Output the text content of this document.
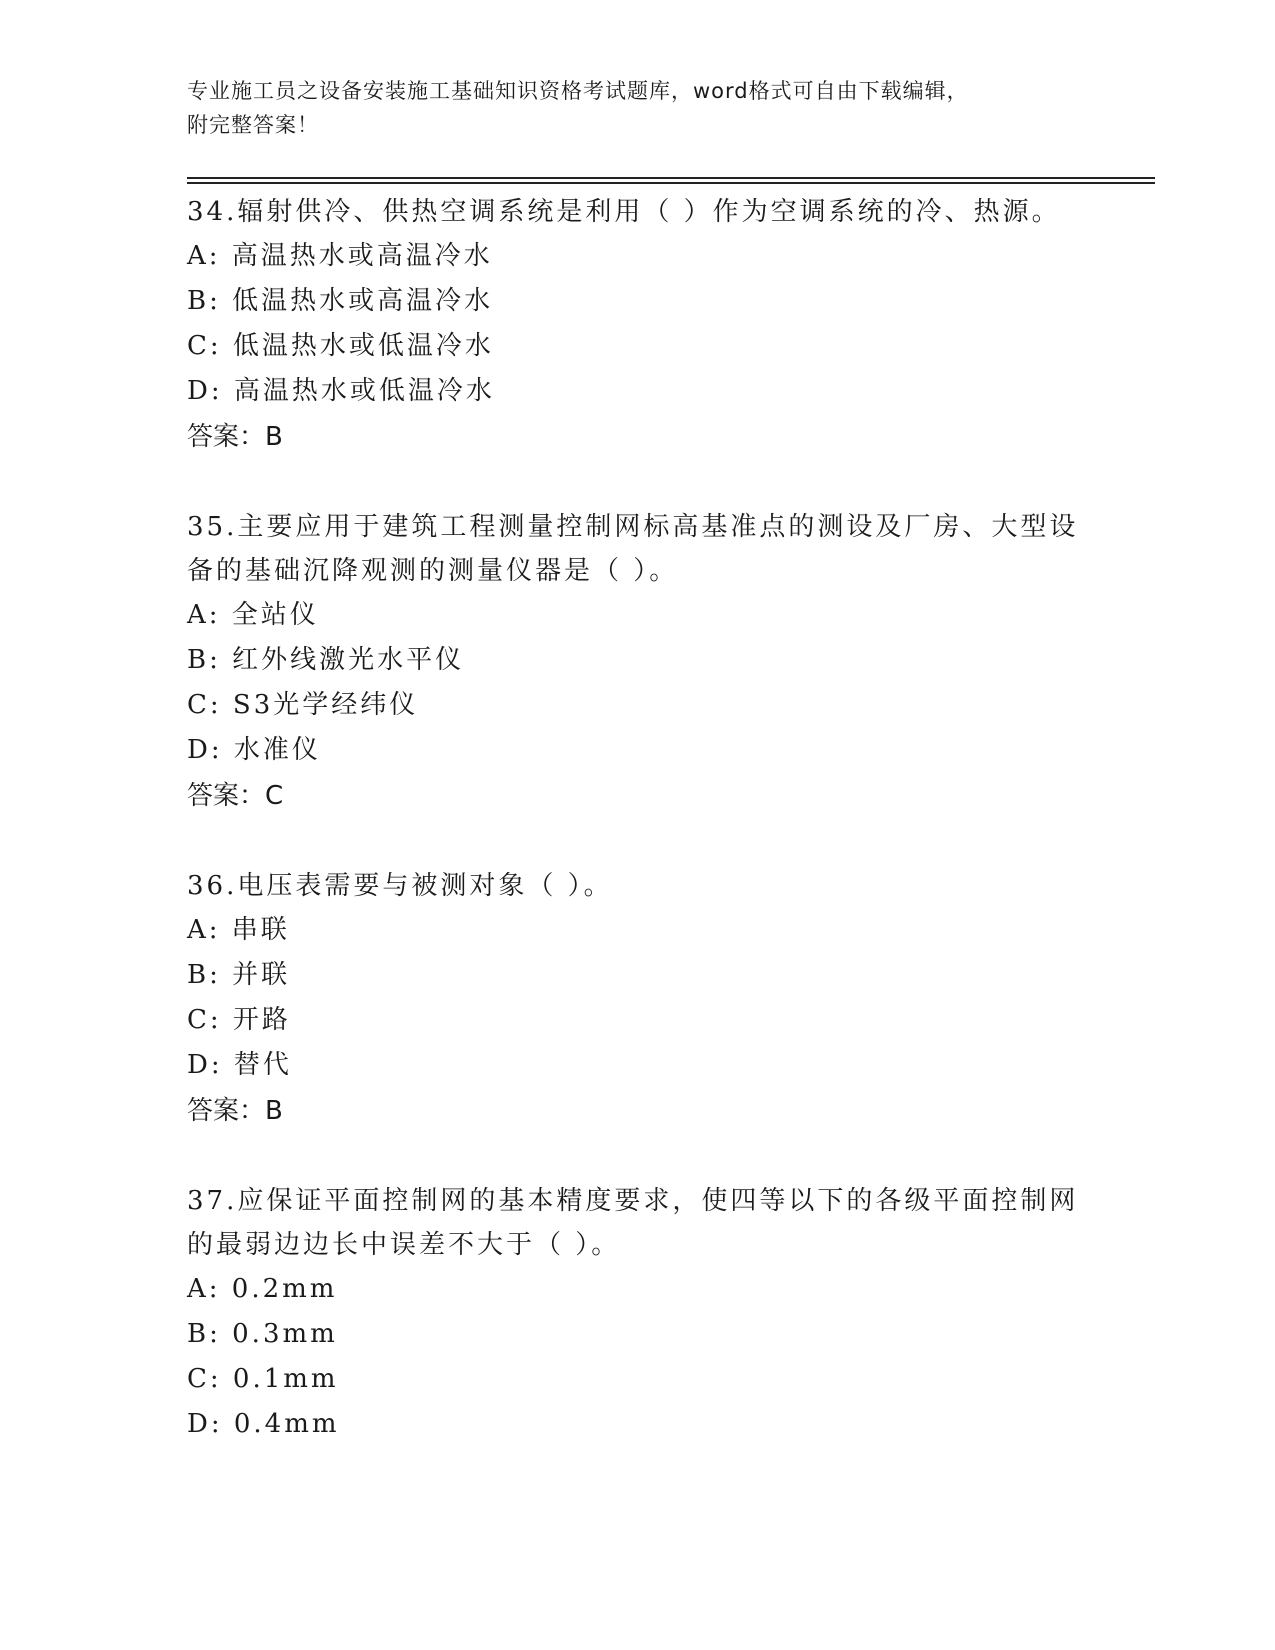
专业施工员之设备安装施工基础知识资格考试题库，word格式可自由下载编辑，
附完整答案！

34.辐射供冷、供热空调系统是利用（ ）作为空调系统的冷、热源。

A: 高温热水或高温冷水

B: 低温热水或高温冷水

C: 低温热水或低温冷水

D: 高温热水或低温冷水

答案：B

35.主要应用于建筑工程测量控制网标高基准点的测设及厂房、大型设备的基础沉降观测的测量仪器是（ ）。

A: 全站仪

B: 红外线激光水平仪

C: S3光学经纬仪

D: 水准仪

答案：C

36.电压表需要与被测对象（ ）。

A: 串联

B: 并联

C: 开路

D: 替代

答案：B

37.应保证平面控制网的基本精度要求，使四等以下的各级平面控制网的最弱边边长中误差不大于（ ）。

A: 0.2mm

B: 0.3mm

C: 0.1mm

D: 0.4mm
